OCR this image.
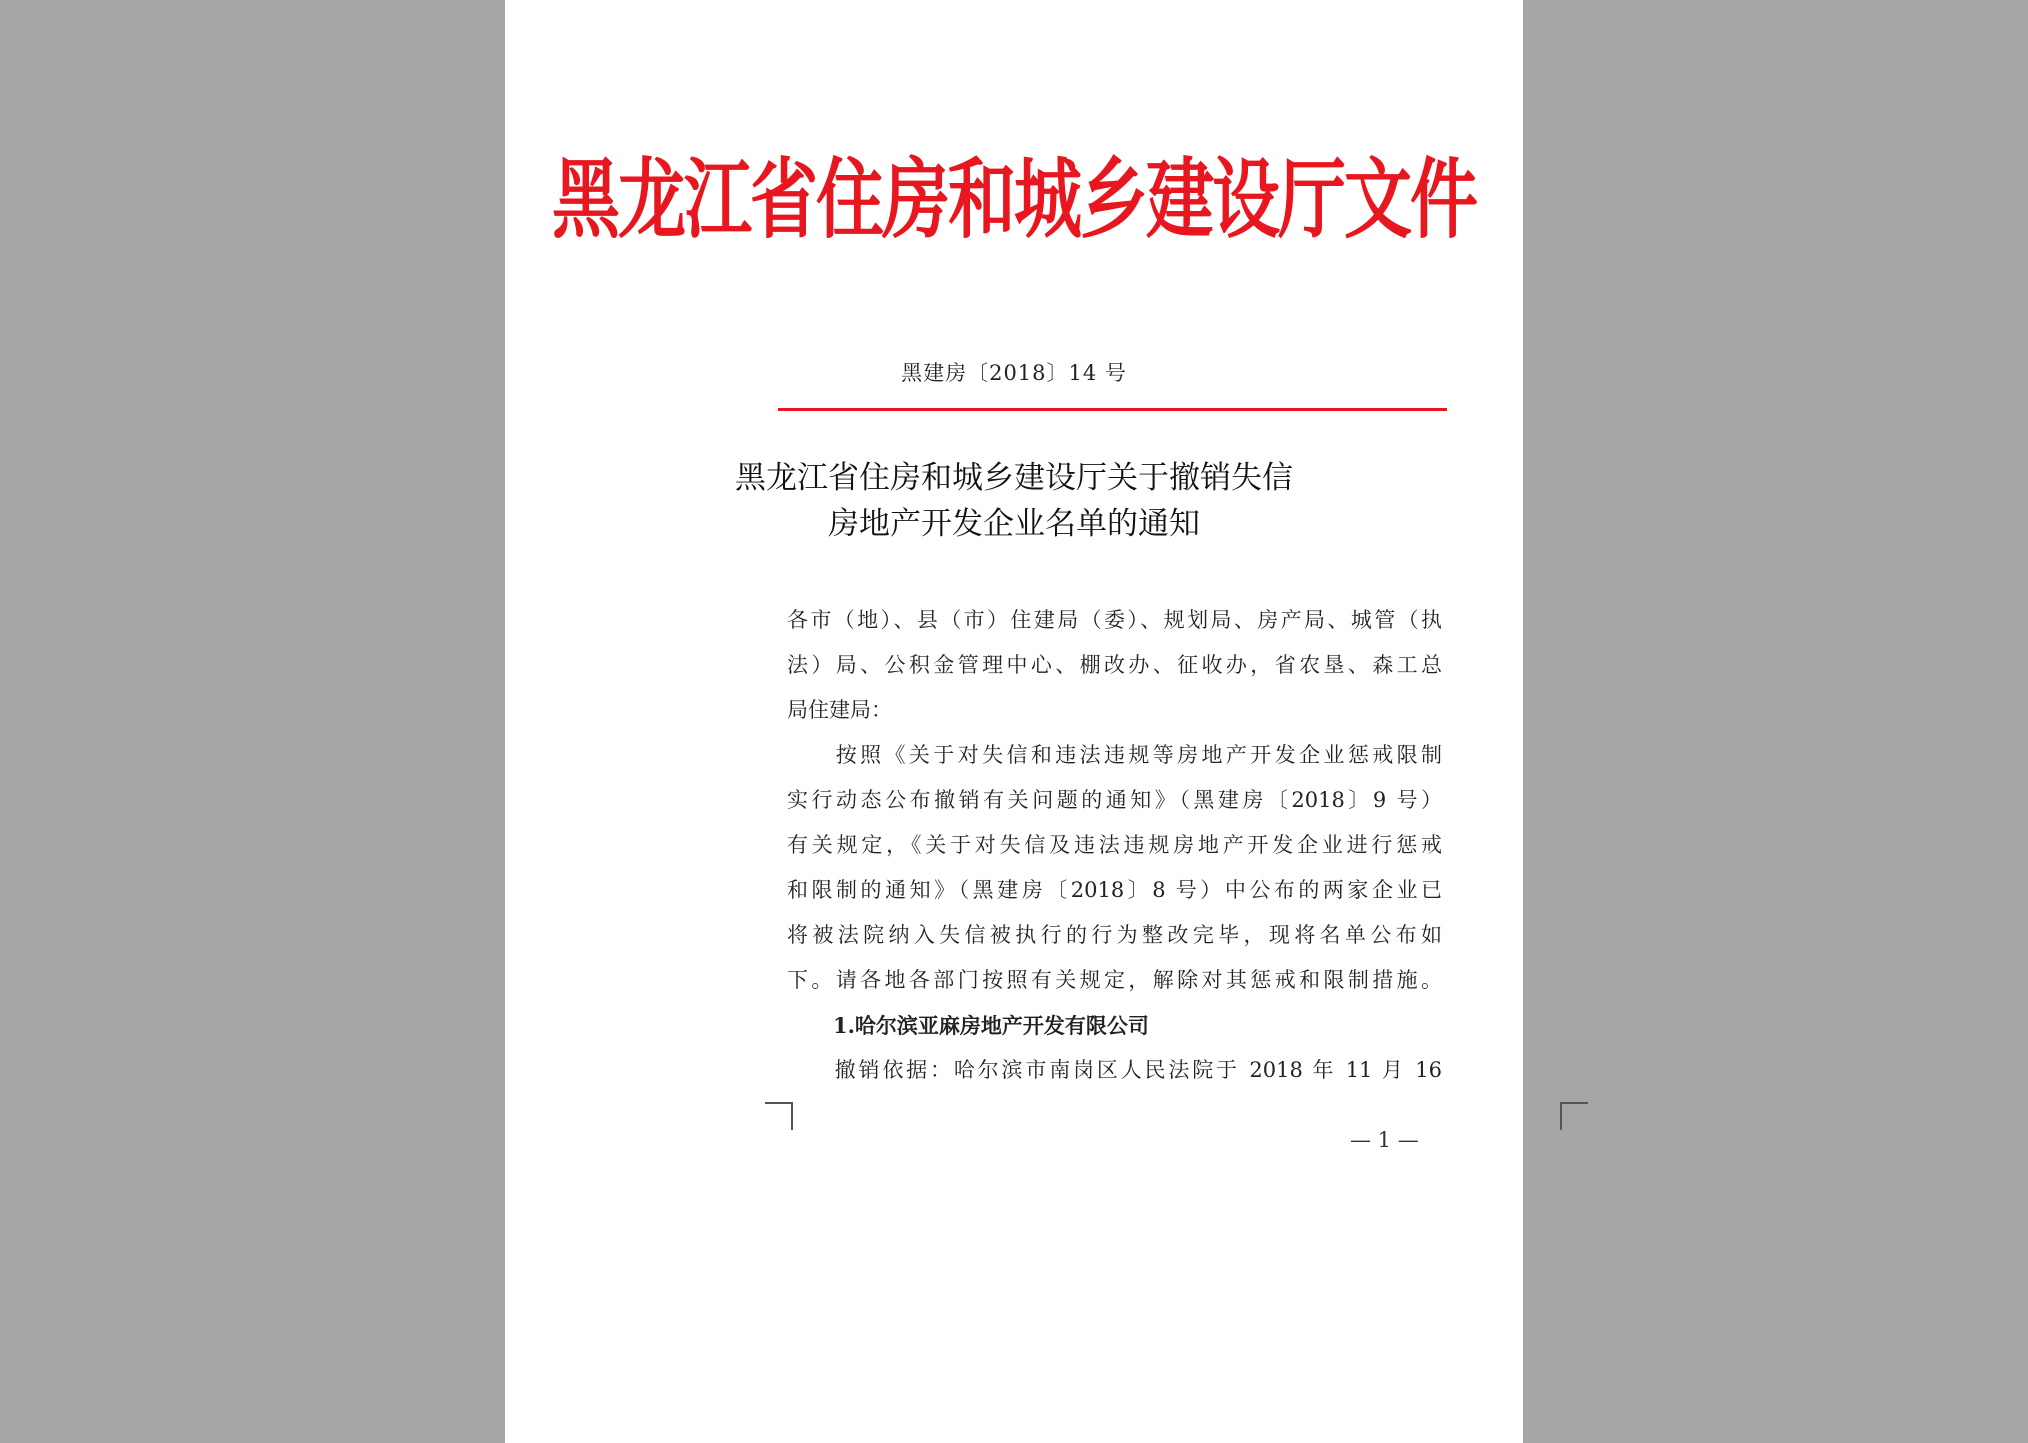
黑龙江省住房和城乡建设厅文件
黑建房〔2018〕14 号
黑龙江省住房和城乡建设厅关于撤销失信
房地产开发企业名单的通知

各市（地）、县（市）住建局（委）、规划局、房产局、城管（执

法）局、公积金管理中心、棚改办、征收办，省农垦、森工总

局住建局：

　　按照《关于对失信和违法违规等房地产开发企业惩戒限制

实行动态公布撤销有关问题的通知》（黑建房〔2018〕9 号）

有关规定，《关于对失信及违法违规房地产开发企业进行惩戒

和限制的通知》（黑建房〔2018〕8 号）中公布的两家企业已

将被法院纳入失信被执行的行为整改完毕，现将名单公布如

下。请各地各部门按照有关规定，解除对其惩戒和限制措施。

1.哈尔滨亚麻房地产开发有限公司

　　撤销依据：哈尔滨市南岗区人民法院于 2018 年 11 月 16

— 1 —
